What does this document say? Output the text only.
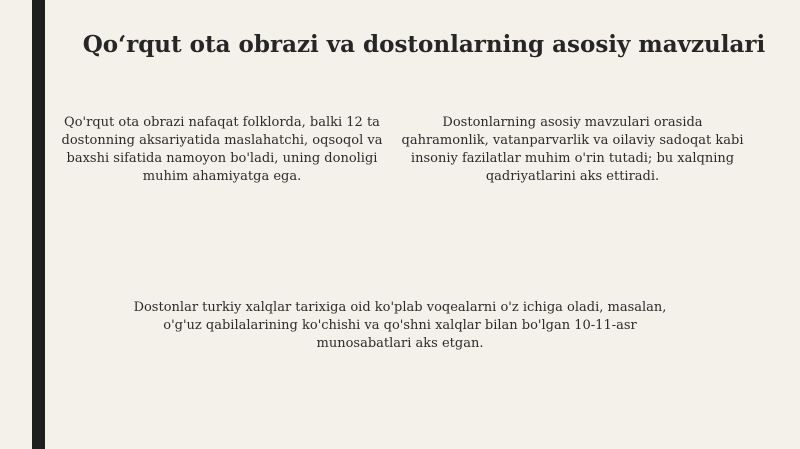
Qoʻrqut ota obrazi va dostonlarning asosiy mavzulari

Qo'rqut ota obrazi nafaqat folklorda, balki 12 ta dostonning aksariyatida maslahatchi, oqsoqol va baxshi sifatida namoyon bo'ladi, uning donoligi muhim ahamiyatga ega.

Dostonlarning asosiy mavzulari orasida qahramonlik, vatanparvarlik va oilaviy sadoqat kabi insoniy fazilatlar muhim o'rin tutadi; bu xalqning qadriyatlarini aks ettiradi.

Dostonlar turkiy xalqlar tarixiga oid ko'plab voqealarni o'z ichiga oladi, masalan, o'g'uz qabilalarining ko'chishi va qo'shni xalqlar bilan bo'lgan 10-11-asr munosabatlari aks etgan.
